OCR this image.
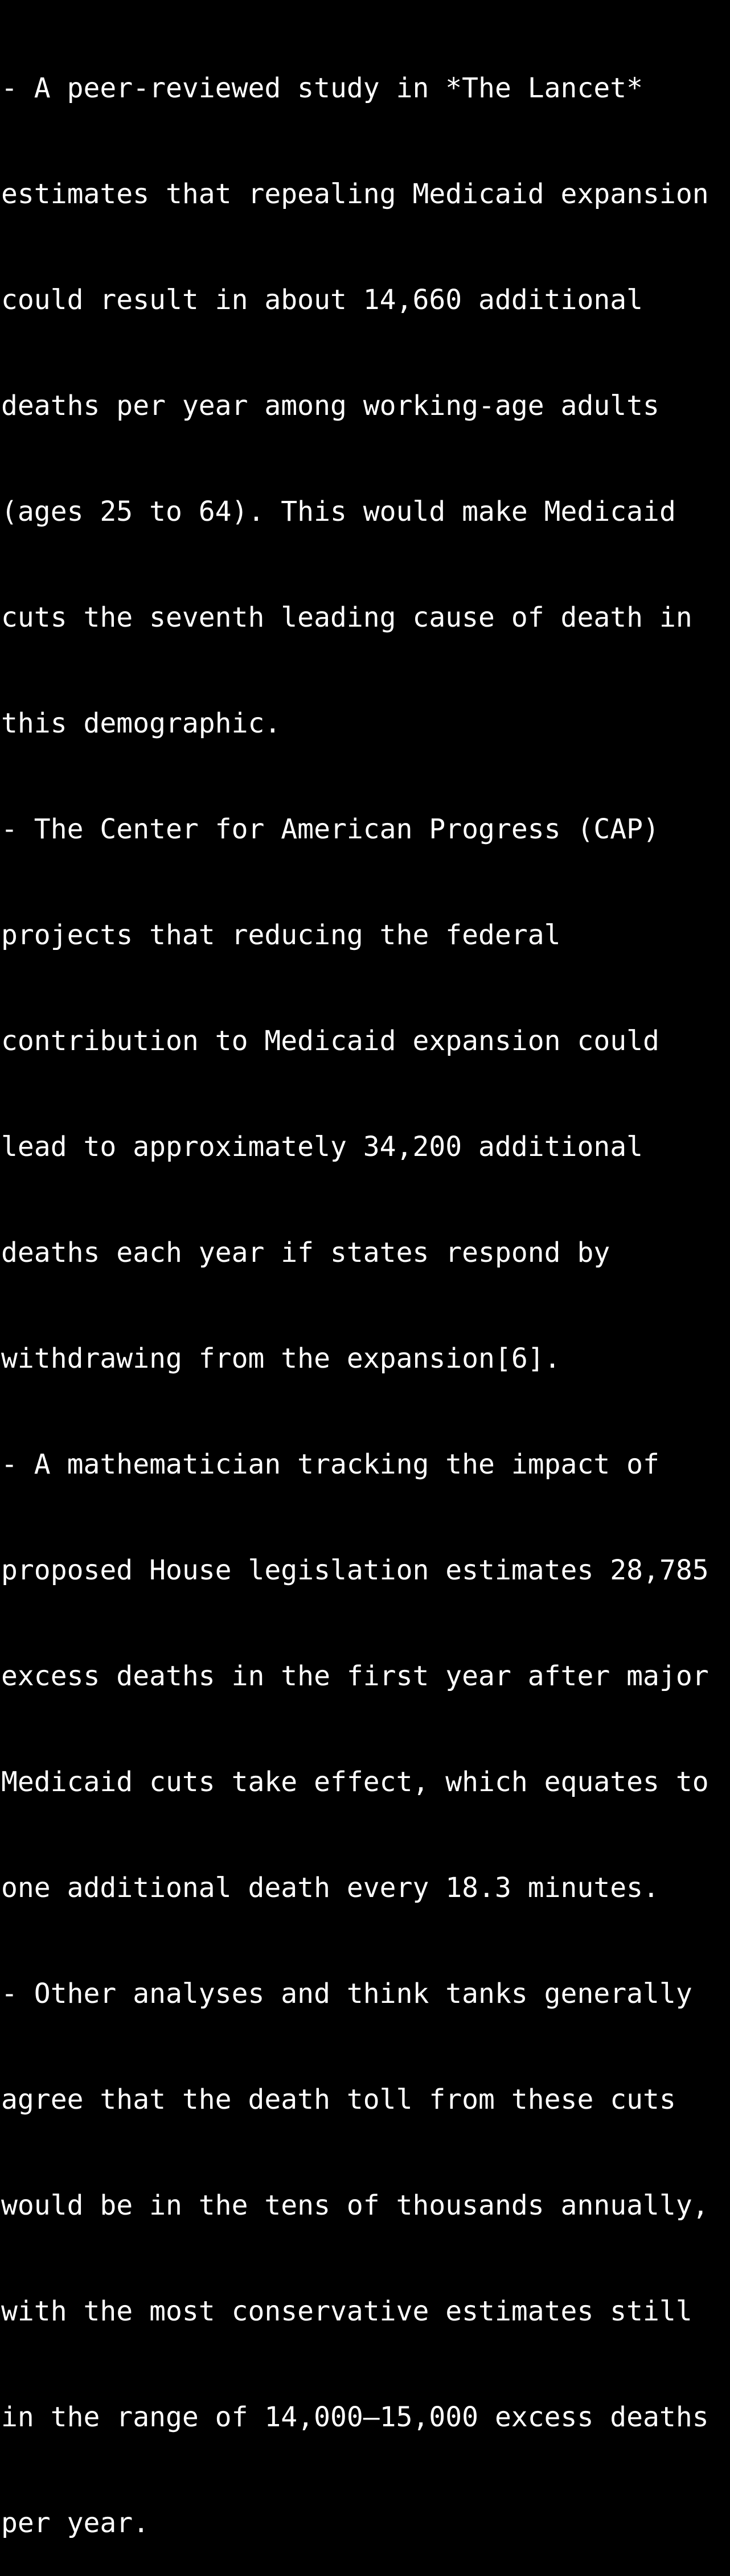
- A peer-reviewed study in *The Lancet*

estimates that repealing Medicaid expansion

could result in about 14,660 additional

deaths per year among working-age adults

(ages 25 to 64). This would make Medicaid

cuts the seventh leading cause of death in

this demographic.

- The Center for American Progress (CAP)

projects that reducing the federal

contribution to Medicaid expansion could

lead to approximately 34,200 additional

deaths each year if states respond by

withdrawing from the expansion[6].

- A mathematician tracking the impact of

proposed House legislation estimates 28,785

excess deaths in the first year after major

Medicaid cuts take effect, which equates to

one additional death every 18.3 minutes.

- Other analyses and think tanks generally

agree that the death toll from these cuts

would be in the tens of thousands annually,

with the most conservative estimates still

in the range of 14,000–15,000 excess deaths

per year.
